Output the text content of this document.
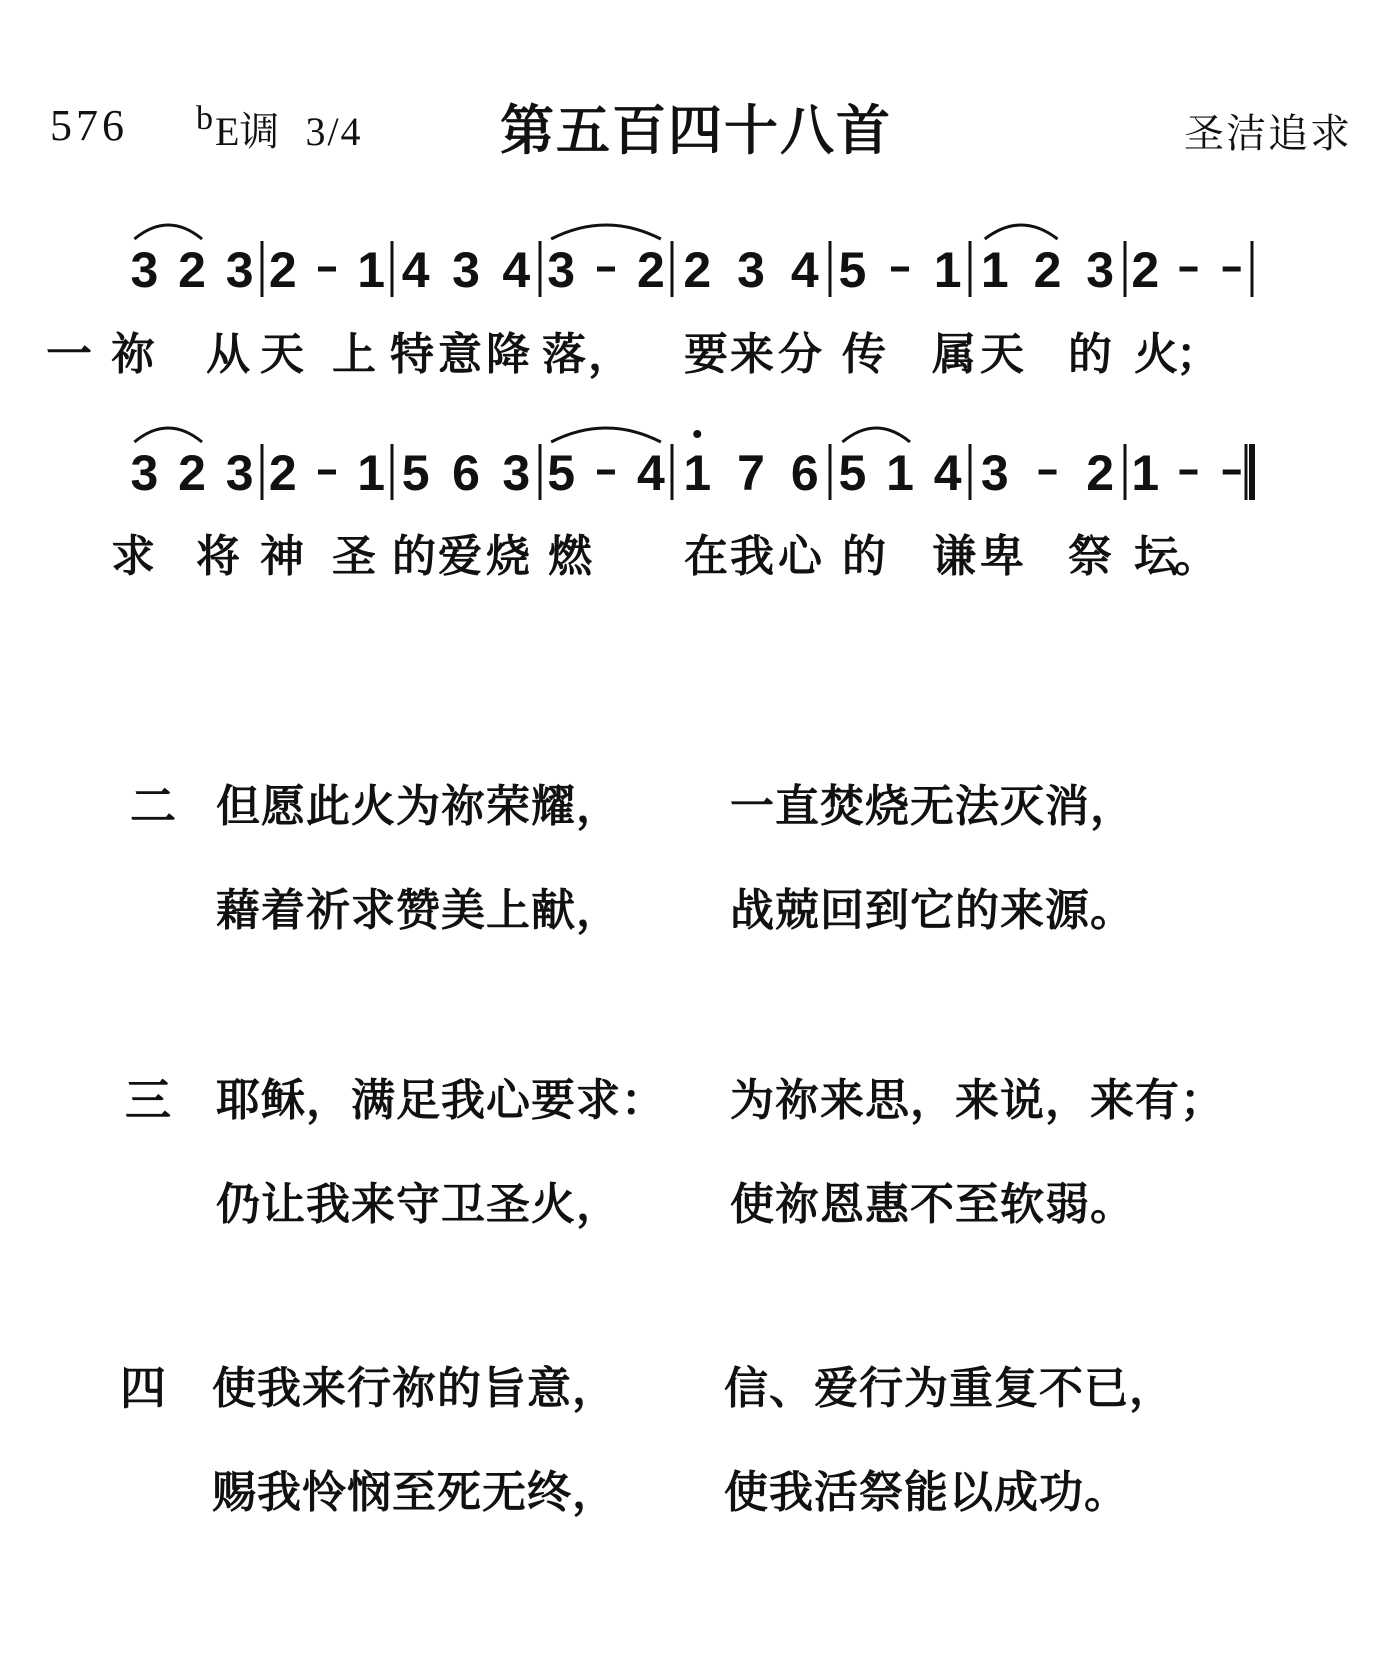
576 $^b$E调 3/4	第五百四十八首	圣洁追求
3 2 3 2 1 4 3 4 3 2 2 3 4 5 1 1 2 3 2
一 祢 从 天 上 特 意 降 落 ， 要 来 分 传 属 天 的 火
；
3 2 3 2 1 5 6 3 5 4 1 7 6 5 1 4 3 2 1
求 将 神 圣 的 爱 烧 燃 在 我 心 的 谦 卑 祭 坛
。
二 但愿此火为祢荣耀， 一直焚烧无法灭消，
藉着祈求赞美上献， 战兢回到它的来源。
三 耶稣，满足我心要求： 为祢来思，来说，来有；
仍让我来守卫圣火， 使祢恩惠不至软弱。
四 使我来行祢的旨意， 信、爱行为重复不已，
赐我怜悯至死无终， 使我活祭能以成功。
